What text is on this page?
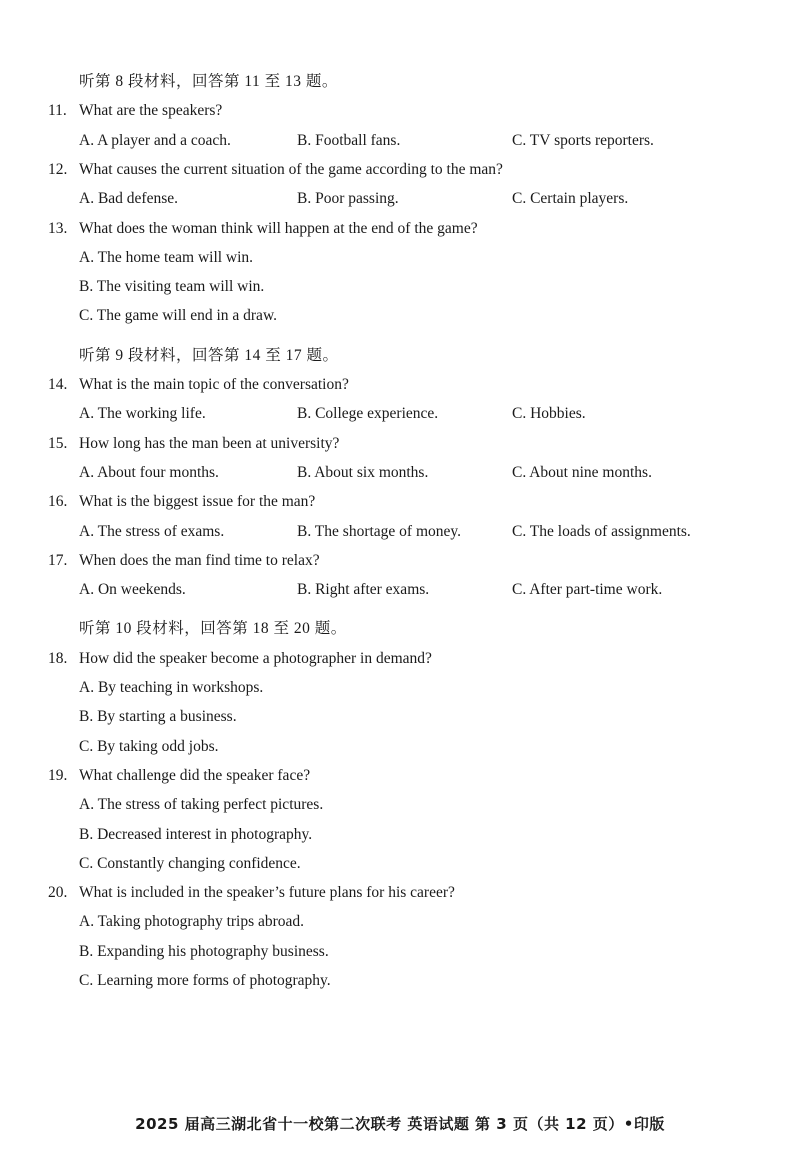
2025 届高三湖北省十一校第二次联考 英语试题 第 3 页（共 12 页）•印版
听第 8 段材料，回答第 11 至 13 题。
11. What are the speakers?
A. A player and a coach.	B. Football fans.	C. TV sports reporters.
12. What causes the current situation of the game according to the man?
A. Bad defense.	B. Poor passing.	C. Certain players.
13. What does the woman think will happen at the end of the game?
A. The home team will win.
B. The visiting team will win.
C. The game will end in a draw.
听第 9 段材料，回答第 14 至 17 题。
14. What is the main topic of the conversation?
A. The working life.	B. College experience.	C. Hobbies.
15. How long has the man been at university?
A. About four months.	B. About six months.	C. About nine months.
16. What is the biggest issue for the man?
A. The stress of exams.	B. The shortage of money.	C. The loads of assignments.
17. When does the man find time to relax?
A. On weekends.	B. Right after exams.	C. After part-time work.
听第 10 段材料，回答第 18 至 20 题。
18. How did the speaker become a photographer in demand?
A. By teaching in workshops.
B. By starting a business.
C. By taking odd jobs.
19. What challenge did the speaker face?
A. The stress of taking perfect pictures.
B. Decreased interest in photography.
C. Constantly changing confidence.
20. What is included in the speaker’s future plans for his career?
A. Taking photography trips abroad.
B. Expanding his photography business.
C. Learning more forms of photography.
